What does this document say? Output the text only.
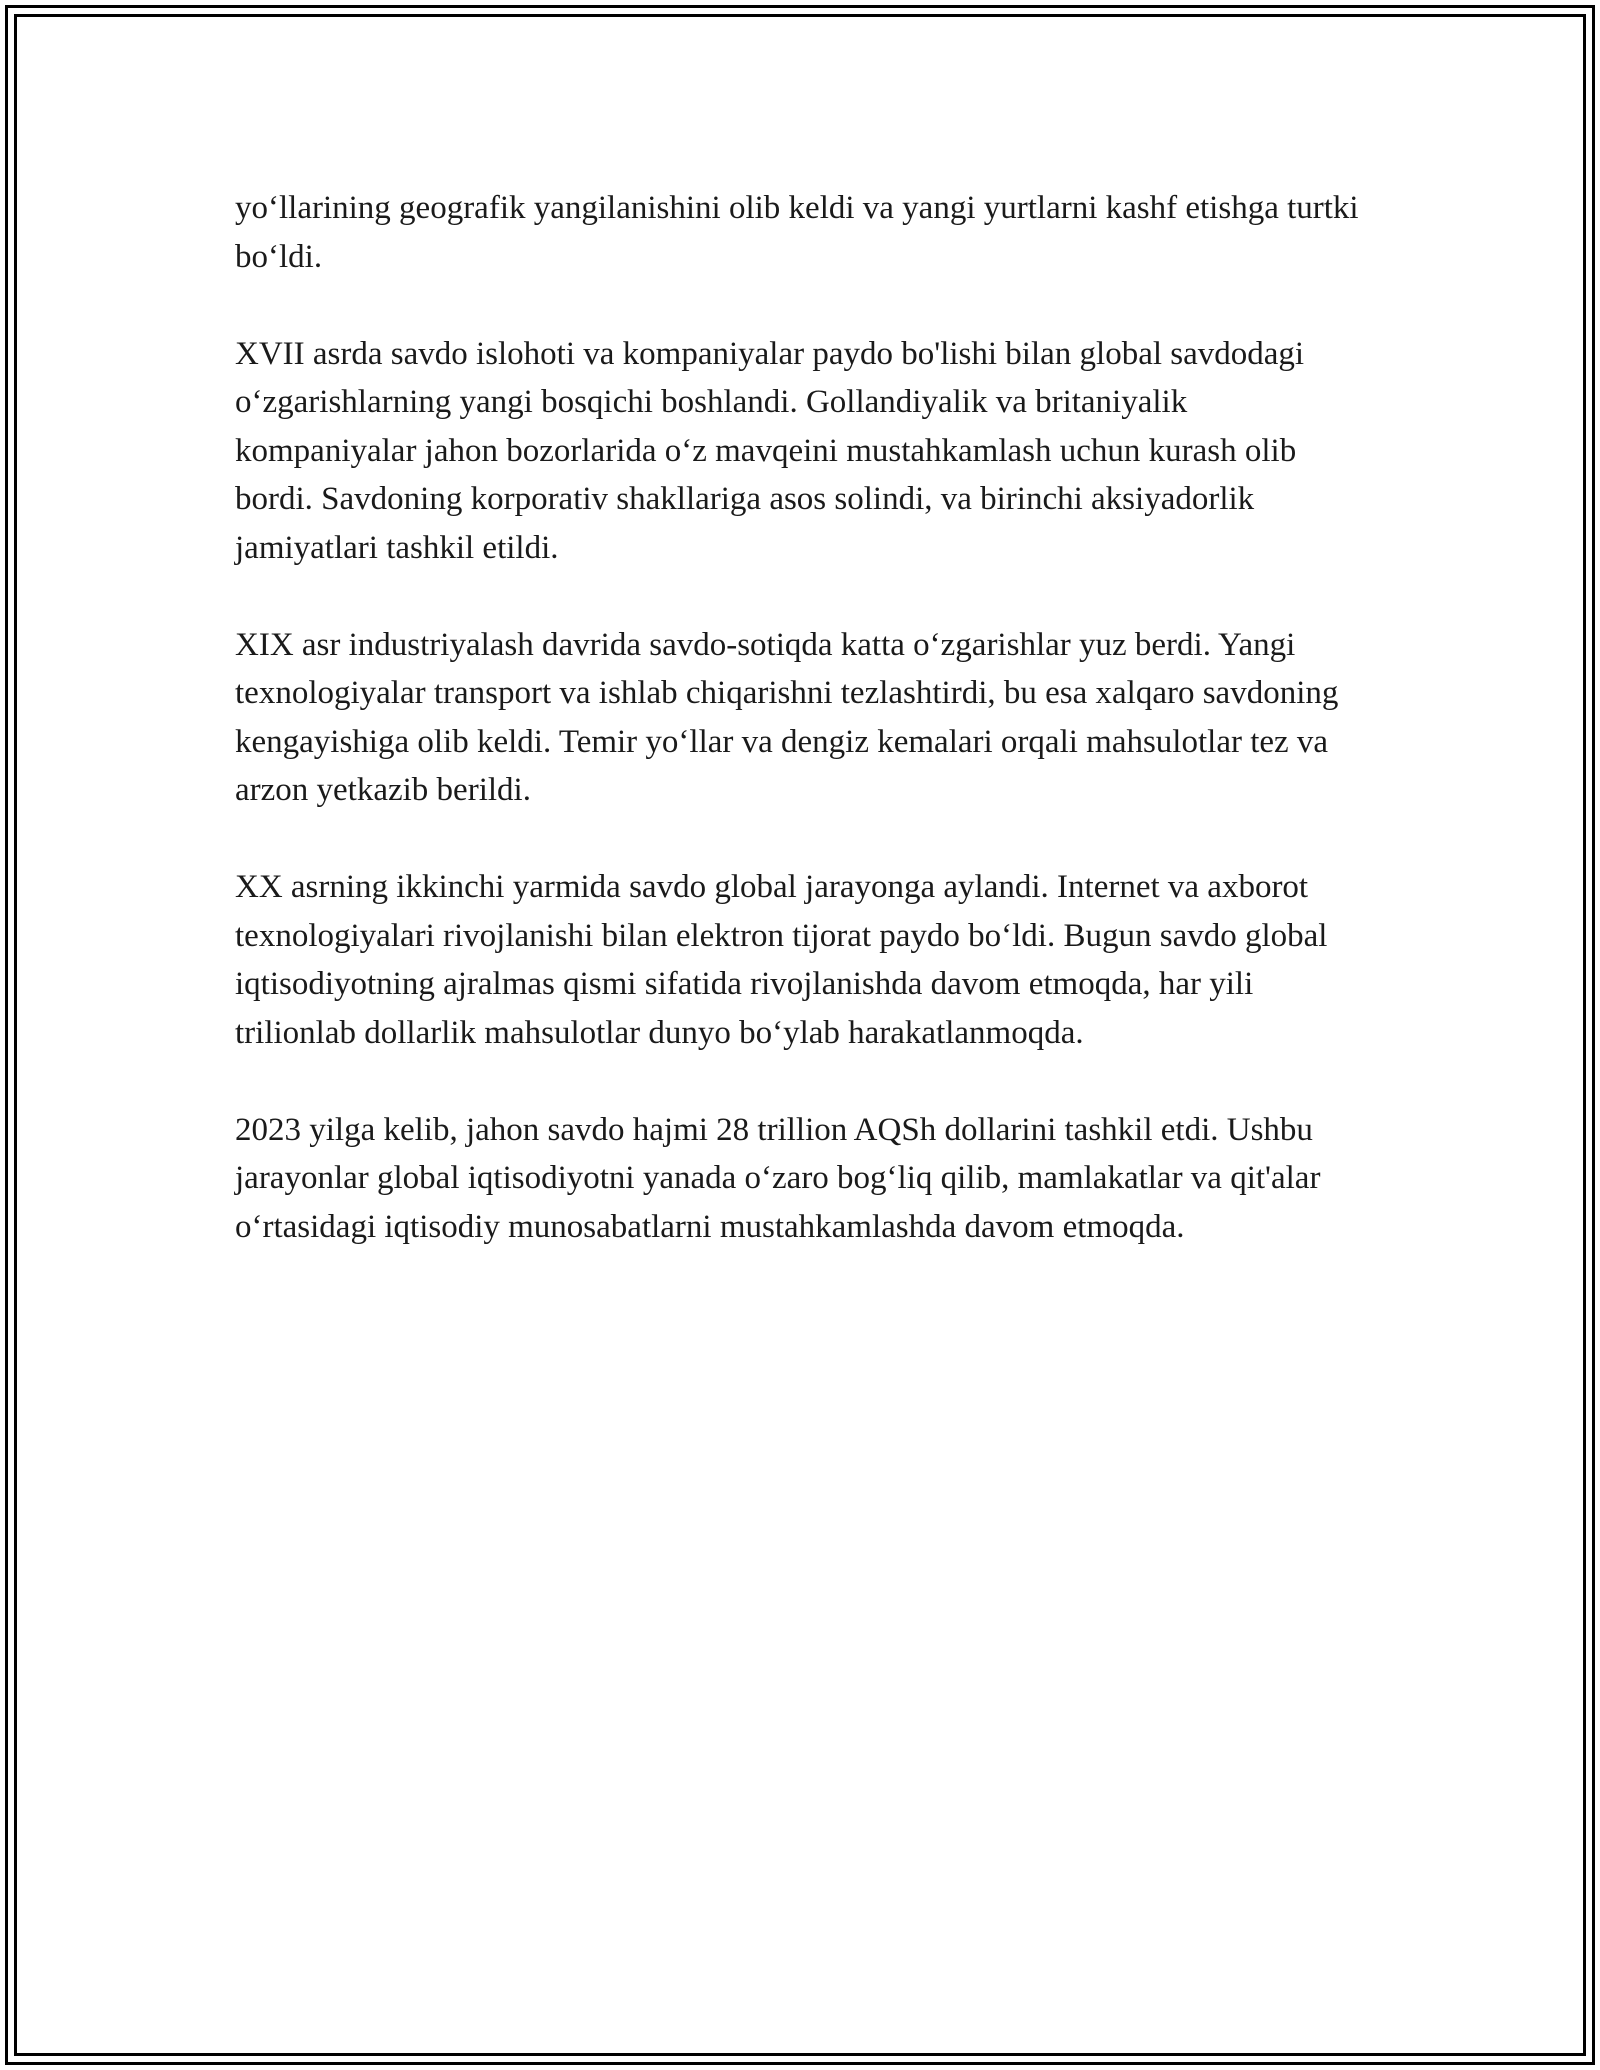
yo‘llarining geografik yangilanishini olib keldi va yangi yurtlarni kashf etishga turtki bo‘ldi.

XVII asrda savdo islohoti va kompaniyalar paydo bo'lishi bilan global savdodagi o‘zgarishlarning yangi bosqichi boshlandi. Gollandiyalik va britaniyalik kompaniyalar jahon bozorlarida o‘z mavqeini mustahkamlash uchun kurash olib bordi. Savdoning korporativ shakllariga asos solindi, va birinchi aksiyadorlik jamiyatlari tashkil etildi.

XIX asr industriyalash davrida savdo-sotiqda katta o‘zgarishlar yuz berdi. Yangi texnologiyalar transport va ishlab chiqarishni tezlashtirdi, bu esa xalqaro savdoning kengayishiga olib keldi. Temir yo‘llar va dengiz kemalari orqali mahsulotlar tez va arzon yetkazib berildi.

XX asrning ikkinchi yarmida savdo global jarayonga aylandi. Internet va axborot texnologiyalari rivojlanishi bilan elektron tijorat paydo bo‘ldi. Bugun savdo global iqtisodiyotning ajralmas qismi sifatida rivojlanishda davom etmoqda, har yili trilionlab dollarlik mahsulotlar dunyo bo‘ylab harakatlanmoqda.

2023 yilga kelib, jahon savdo hajmi 28 trillion AQSh dollarini tashkil etdi. Ushbu jarayonlar global iqtisodiyotni yanada o‘zaro bog‘liq qilib, mamlakatlar va qit'alar o‘rtasidagi iqtisodiy munosabatlarni mustahkamlashda davom etmoqda.
